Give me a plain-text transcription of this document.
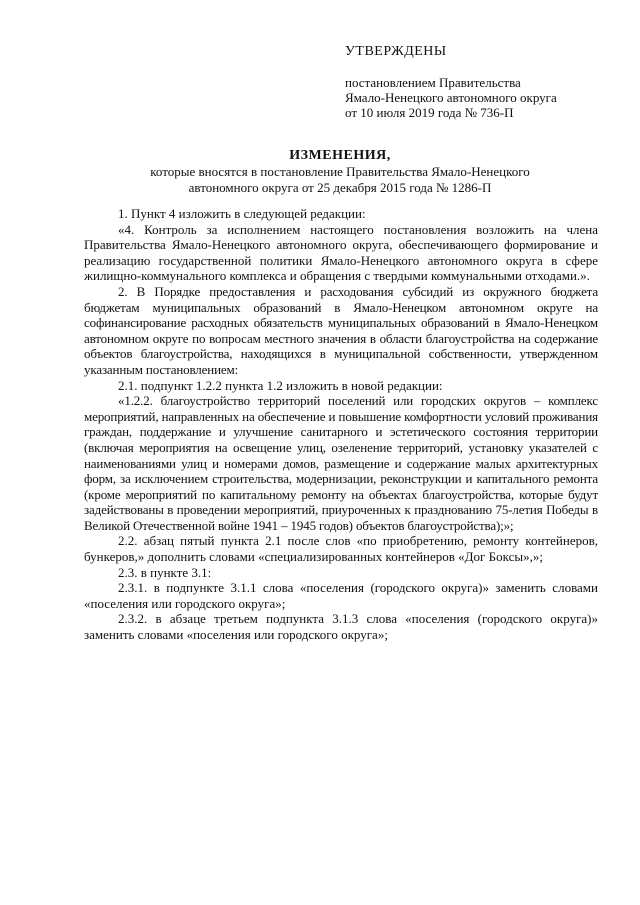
УТВЕРЖДЕНЫ
постановлением Правительства
Ямало-Ненецкого автономного округа
от 10 июля 2019 года № 736-П
ИЗМЕНЕНИЯ,
которые вносятся в постановление Правительства Ямало-Ненецкого
автономного округа от 25 декабря 2015 года № 1286-П

1. Пункт 4 изложить в следующей редакции:

«4. Контроль за исполнением настоящего постановления возложить на члена Правительства Ямало-Ненецкого автономного округа, обеспечивающего формирование и реализацию государственной политики Ямало-Ненецкого автономного округа в сфере жилищно-коммунального комплекса и обращения с твердыми коммунальными отходами.».

2. В Порядке предоставления и расходования субсидий из окружного бюджета бюджетам муниципальных образований в Ямало-Ненецком автономном округе на софинансирование расходных обязательств муниципальных образований в Ямало-Ненецком автономном округе по вопросам местного значения в области благоустройства на содержание объектов благоустройства, находящихся в муниципальной собственности, утвержденном указанным постановлением:

2.1. подпункт 1.2.2 пункта 1.2 изложить в новой редакции:

«1.2.2. благоустройство территорий поселений или городских округов – комплекс мероприятий, направленных на обеспечение и повышение комфортности условий проживания граждан, поддержание и улучшение санитарного и эстетического состояния территории (включая мероприятия на освещение улиц, озеленение территорий, установку указателей с наименованиями улиц и номерами домов, размещение и содержание малых архитектурных форм, за исключением строительства, модернизации, реконструкции и капитального ремонта (кроме мероприятий по капитальному ремонту на объектах благоустройства, которые будут задействованы в проведении мероприятий, приуроченных к празднованию 75-летия Победы в Великой Отечественной войне 1941 – 1945 годов) объектов благоустройства);»;

2.2. абзац пятый пункта 2.1 после слов «по приобретению, ремонту контейнеров, бункеров,» дополнить словами «специализированных контейнеров «Дог Боксы»,»;

2.3. в пункте 3.1:

2.3.1. в подпункте 3.1.1 слова «поселения (городского округа)» заменить словами «поселения или городского округа»;

2.3.2. в абзаце третьем подпункта 3.1.3 слова «поселения (городского округа)» заменить словами «поселения или городского округа»;
